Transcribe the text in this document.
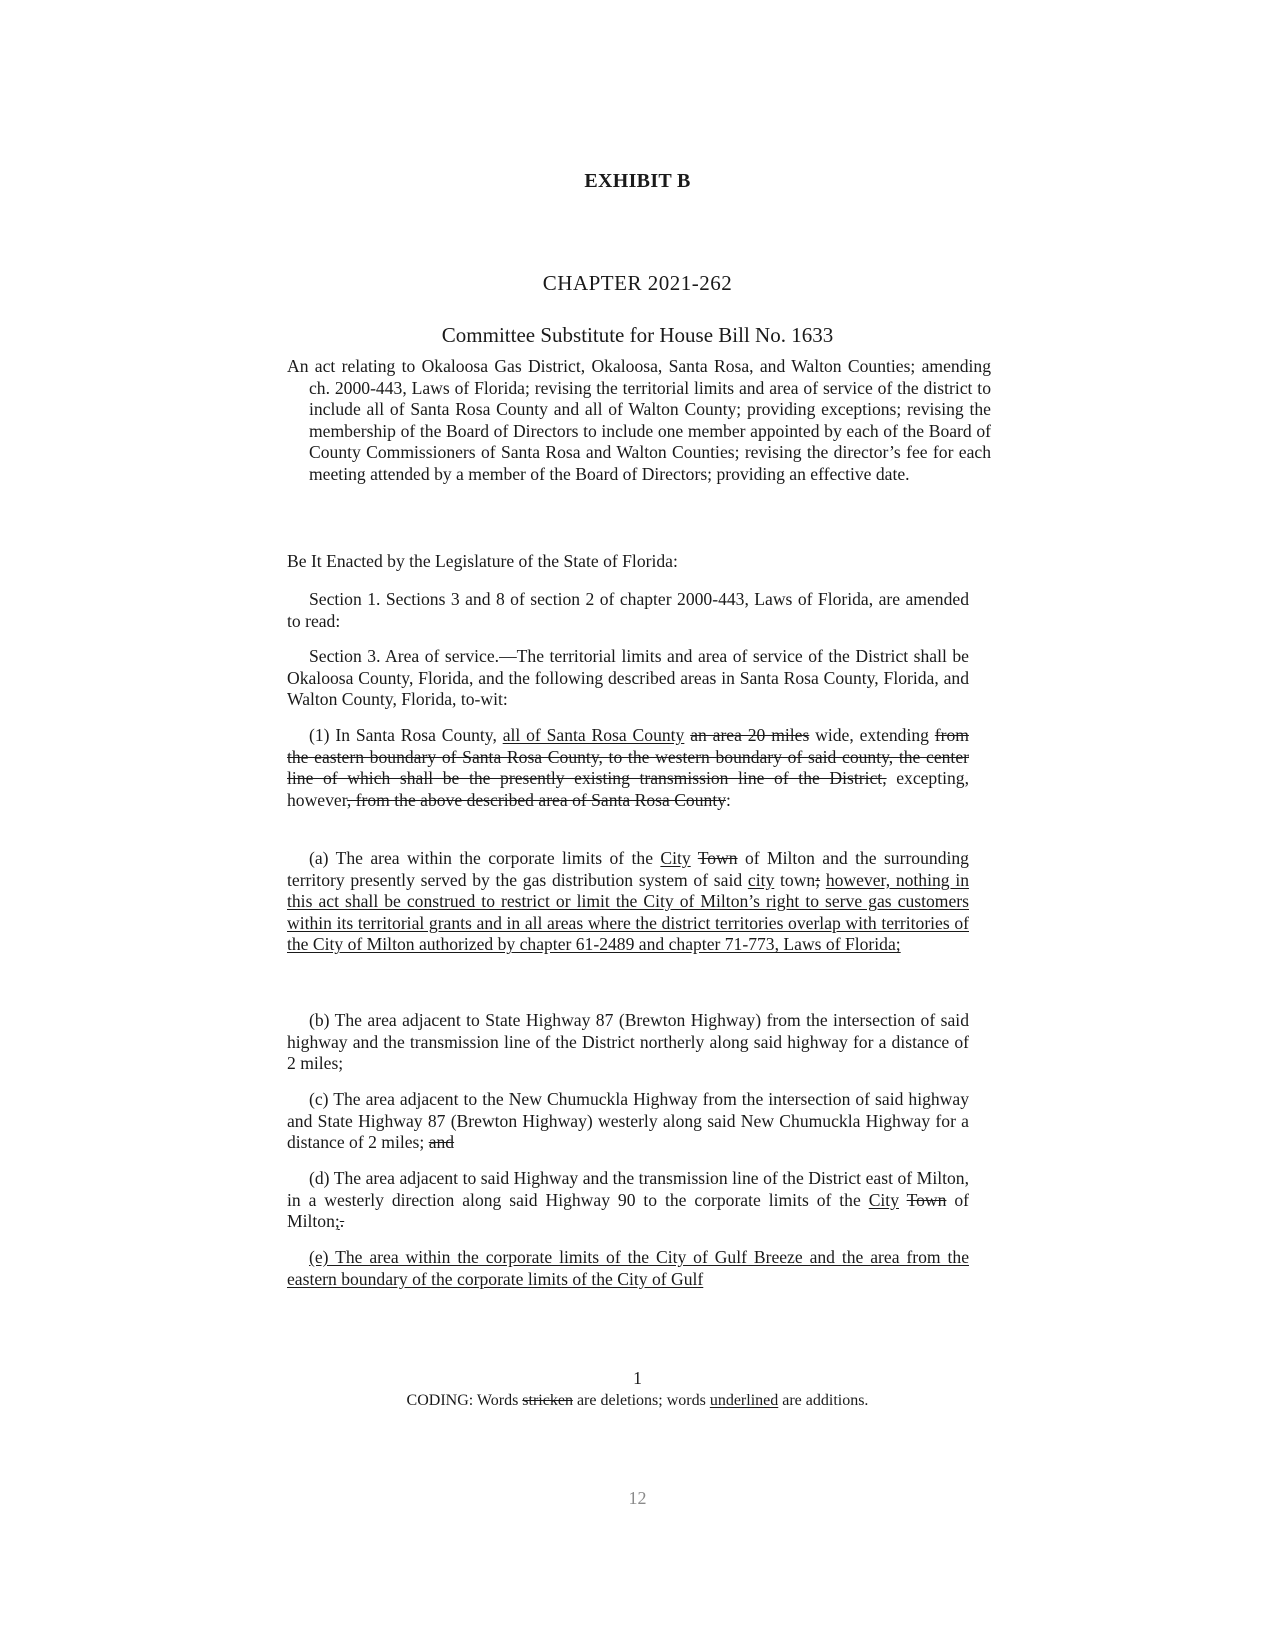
EXHIBIT B
CHAPTER 2021-262
Committee Substitute for House Bill No. 1633

An act relating to Okaloosa Gas District, Okaloosa, Santa Rosa, and Walton Counties; amending ch. 2000-443, Laws of Florida; revising the territorial limits and area of service of the district to include all of Santa Rosa County and all of Walton County; providing exceptions; revising the membership of the Board of Directors to include one member appointed by each of the Board of County Commissioners of Santa Rosa and Walton Counties; revising the director’s fee for each meeting attended by a member of the Board of Directors; providing an effective date.

Be It Enacted by the Legislature of the State of Florida:

Section 1. Sections 3 and 8 of section 2 of chapter 2000-443, Laws of Florida, are amended to read:

Section 3. Area of service.—The territorial limits and area of service of the District shall be Okaloosa County, Florida, and the following described areas in Santa Rosa County, Florida, and Walton County, Florida, to-wit:

(1) In Santa Rosa County, all of Santa Rosa County an area 20 miles wide, extending from the eastern boundary of Santa Rosa County, to the western boundary of said county, the center line of which shall be the presently existing transmission line of the District, excepting, however, from the above described area of Santa Rosa County:

(a) The area within the corporate limits of the City Town of Milton and the surrounding territory presently served by the gas distribution system of said city town; however, nothing in this act shall be construed to restrict or limit the City of Milton’s right to serve gas customers within its territorial grants and in all areas where the district territories overlap with territories of the City of Milton authorized by chapter 61-2489 and chapter 71-773, Laws of Florida;

(b) The area adjacent to State Highway 87 (Brewton Highway) from the intersection of said highway and the transmission line of the District northerly along said highway for a distance of 2 miles;

(c) The area adjacent to the New Chumuckla Highway from the intersection of said highway and State Highway 87 (Brewton Highway) westerly along said New Chumuckla Highway for a distance of 2 miles; and

(d) The area adjacent to said Highway and the transmission line of the District east of Milton, in a westerly direction along said Highway 90 to the corporate limits of the City Town of Milton;.

(e) The area within the corporate limits of the City of Gulf Breeze and the area from the eastern boundary of the corporate limits of the City of Gulf

1
CODING: Words stricken are deletions; words underlined are additions.
12
